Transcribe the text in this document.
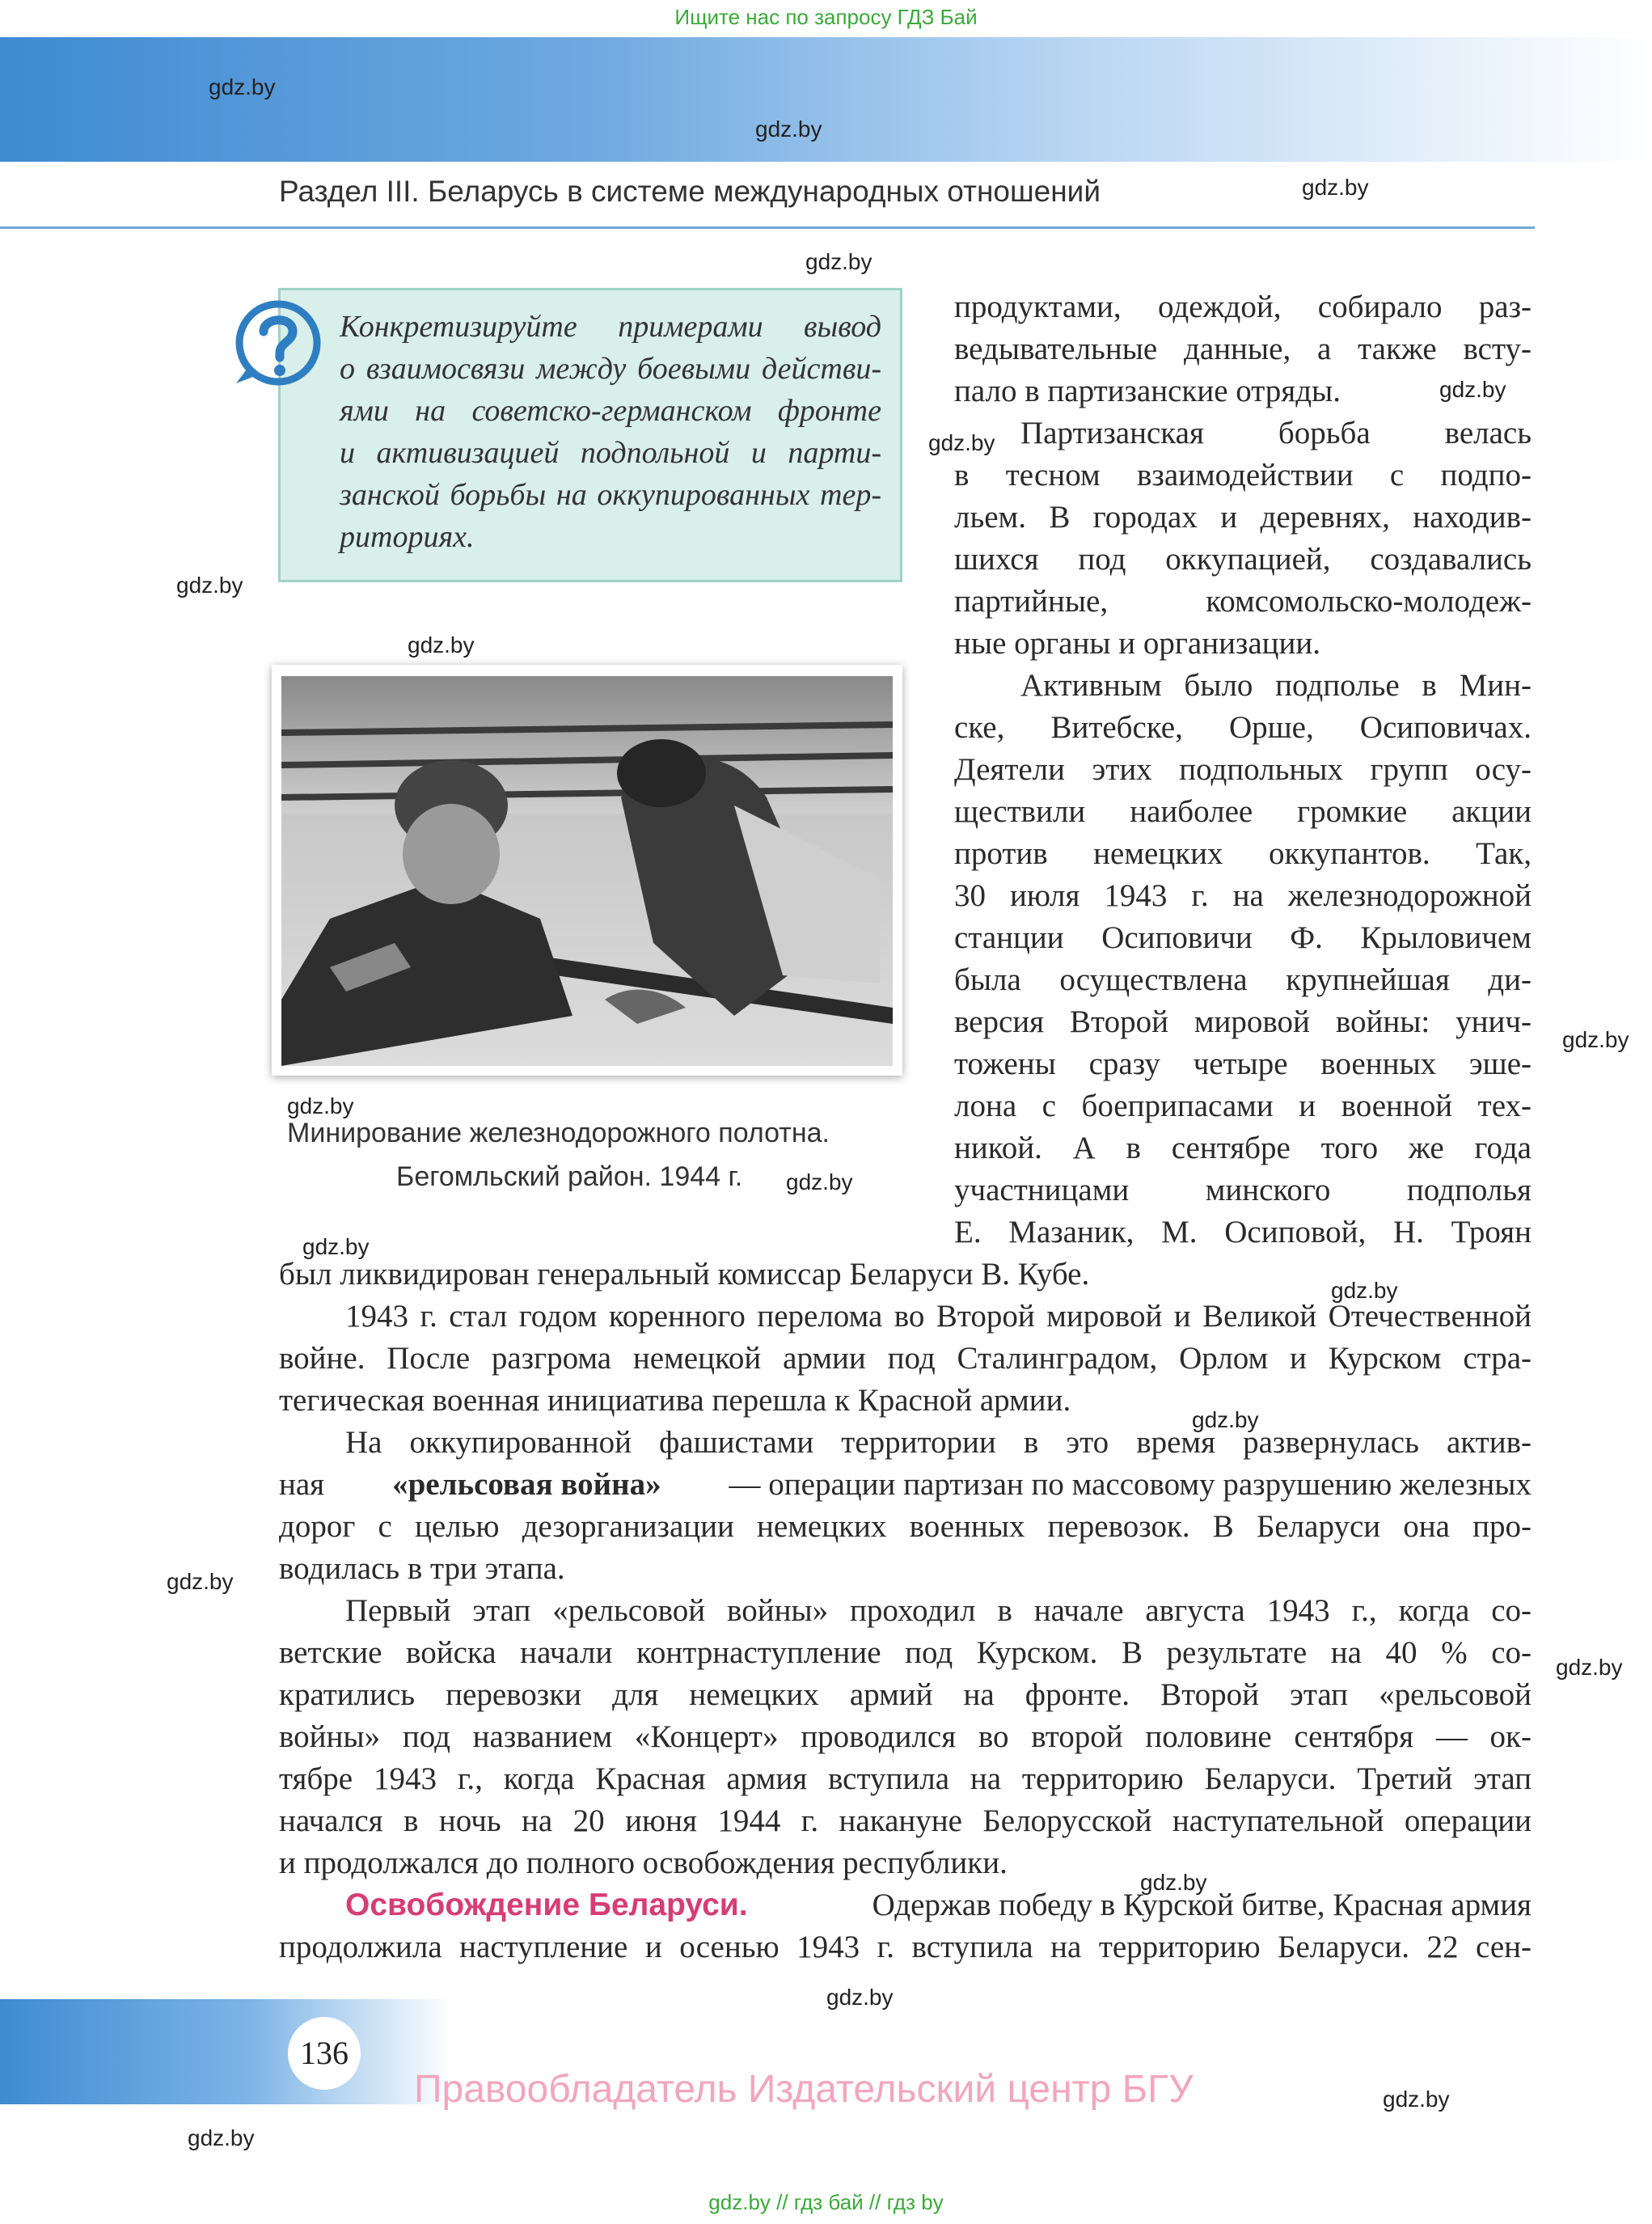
Ищите нас по запросу ГДЗ Бай
Раздел III. Беларусь в системе международных отношений
gdz.by
gdz.by
gdz.by
gdz.by
gdz.by
gdz.by
gdz.by
gdz.by
gdz.by
gdz.by
gdz.by
gdz.by
gdz.by
gdz.by
gdz.by
gdz.by
gdz.by
gdz.by
gdz.by
gdz.by
Конкретизируйте примерами вывод
о взаимосвязи между боевыми действи-
ями на советско-германском фронте
и активизацией подпольной и парти-
занской борьбы на оккупированных тер-
риториях.
Минирование железнодорожного полотна.
Бегомльский район. 1944 г.
продуктами, одеждой, собирало раз-
ведывательные данные, а также всту-
пало в партизанские отряды.
Партизанская борьба велась
в тесном взаимодействии с подпо-
льем. В городах и деревнях, находив-
шихся под оккупацией, создавались
партийные, комсомольско-молодеж-
ные органы и организации.
Активным было подполье в Мин-
ске, Витебске, Орше, Осиповичах.
Деятели этих подпольных групп осу-
ществили наиболее громкие акции
против немецких оккупантов. Так,
30 июля 1943 г. на железнодорожной
станции Осиповичи Ф. Крыловичем
была осуществлена крупнейшая ди-
версия Второй мировой войны: унич-
тожены сразу четыре военных эше-
лона с боеприпасами и военной тех-
никой. А в сентябре того же года
участницами минского подполья
Е. Мазаник, М. Осиповой, Н. Троян
был ликвидирован генеральный комиссар Беларуси В. Кубе.
1943 г. стал годом коренного перелома во Второй мировой и Великой Отечественной
войне. После разгрома немецкой армии под Сталинградом, Орлом и Курском стра-
тегическая военная инициатива перешла к Красной армии.
На оккупированной фашистами территории в это время развернулась актив-
ная «рельсовая война» — операции партизан по массовому разрушению железных
дорог с целью дезорганизации немецких военных перевозок. В Беларуси она про-
водилась в три этапа.
Первый этап «рельсовой войны» проходил в начале августа 1943 г., когда со-
ветские войска начали контрнаступление под Курском. В результате на 40 % со-
кратились перевозки для немецких армий на фронте. Второй этап «рельсовой
войны» под названием «Концерт» проводился во второй половине сентября — ок-
тябре 1943 г., когда Красная армия вступила на территорию Беларуси. Третий этап
начался в ночь на 20 июня 1944 г. накануне Белорусской наступательной операции
и продолжался до полного освобождения республики.
Освобождение Беларуси.	Одержав победу в Курской битве, Красная армия
продолжила наступление и осенью 1943 г. вступила на территорию Беларуси. 22 сен-
136
Правообладатель Издательский центр БГУ
gdz.by // гдз бай // гдз by
